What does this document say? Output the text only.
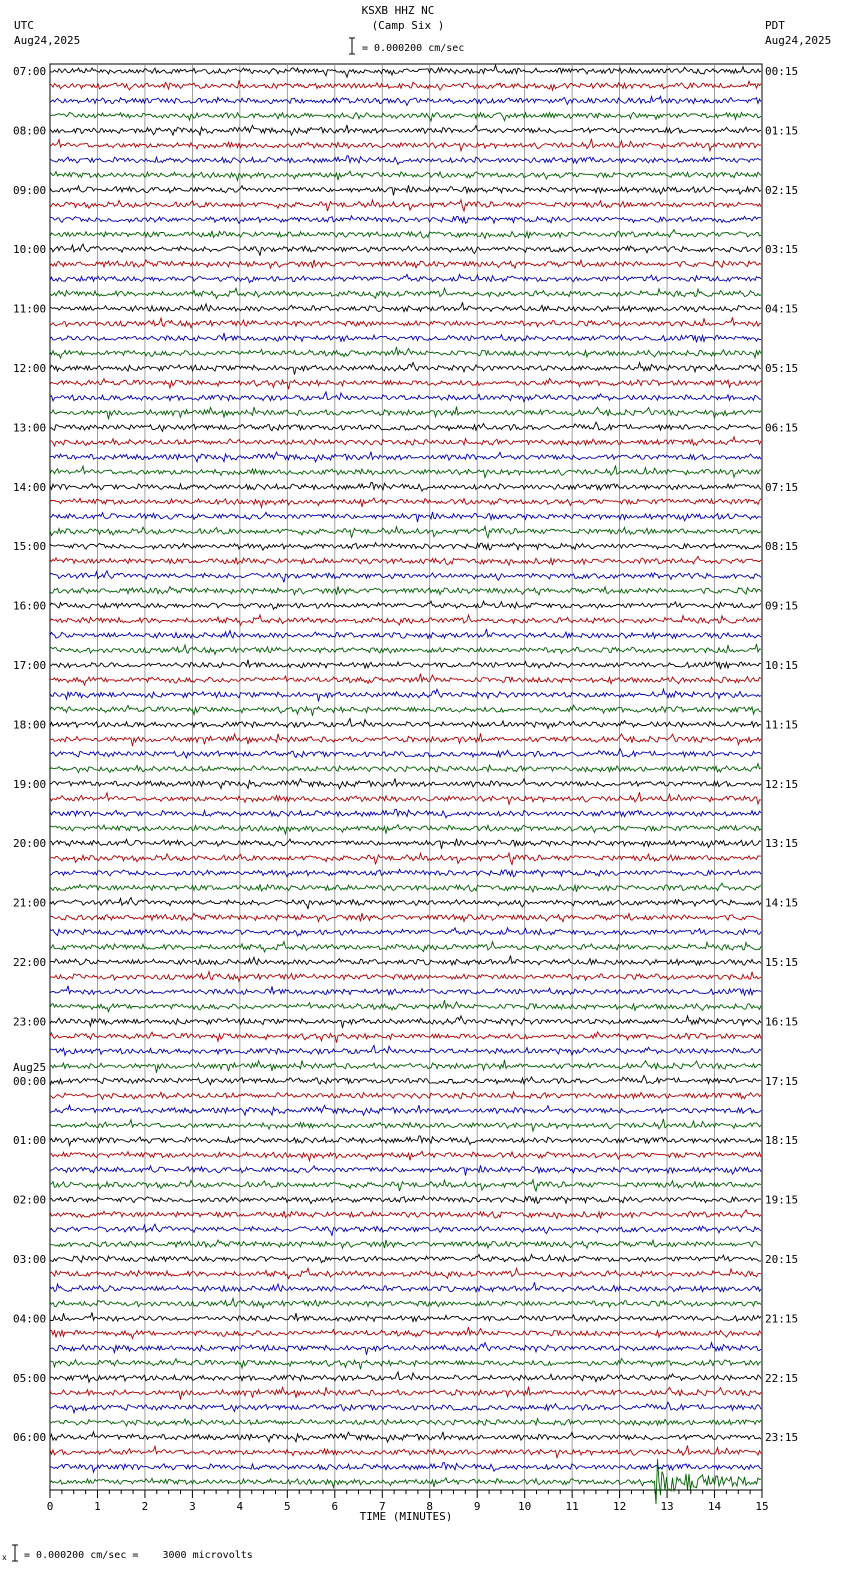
KSXB HHZ NC
(Camp Six )
= 0.000200 cm/sec
UTC
Aug24,2025
PDT
Aug24,2025
= 0.000200 cm/sec =    3000 microvolts
x
07:00
08:00
09:00
10:00
11:00
12:00
13:00
14:00
15:00
16:00
17:00
18:00
19:00
20:00
21:00
22:00
23:00
00:00
01:00
02:00
03:00
04:00
05:00
06:00
Aug25
00:15
01:15
02:15
03:15
04:15
05:15
06:15
07:15
08:15
09:15
10:15
11:15
12:15
13:15
14:15
15:15
16:15
17:15
18:15
19:15
20:15
21:15
22:15
23:15
0	1	2	3	4	5	6	7	8	9	10	11	12	13	14	15
TIME (MINUTES)
